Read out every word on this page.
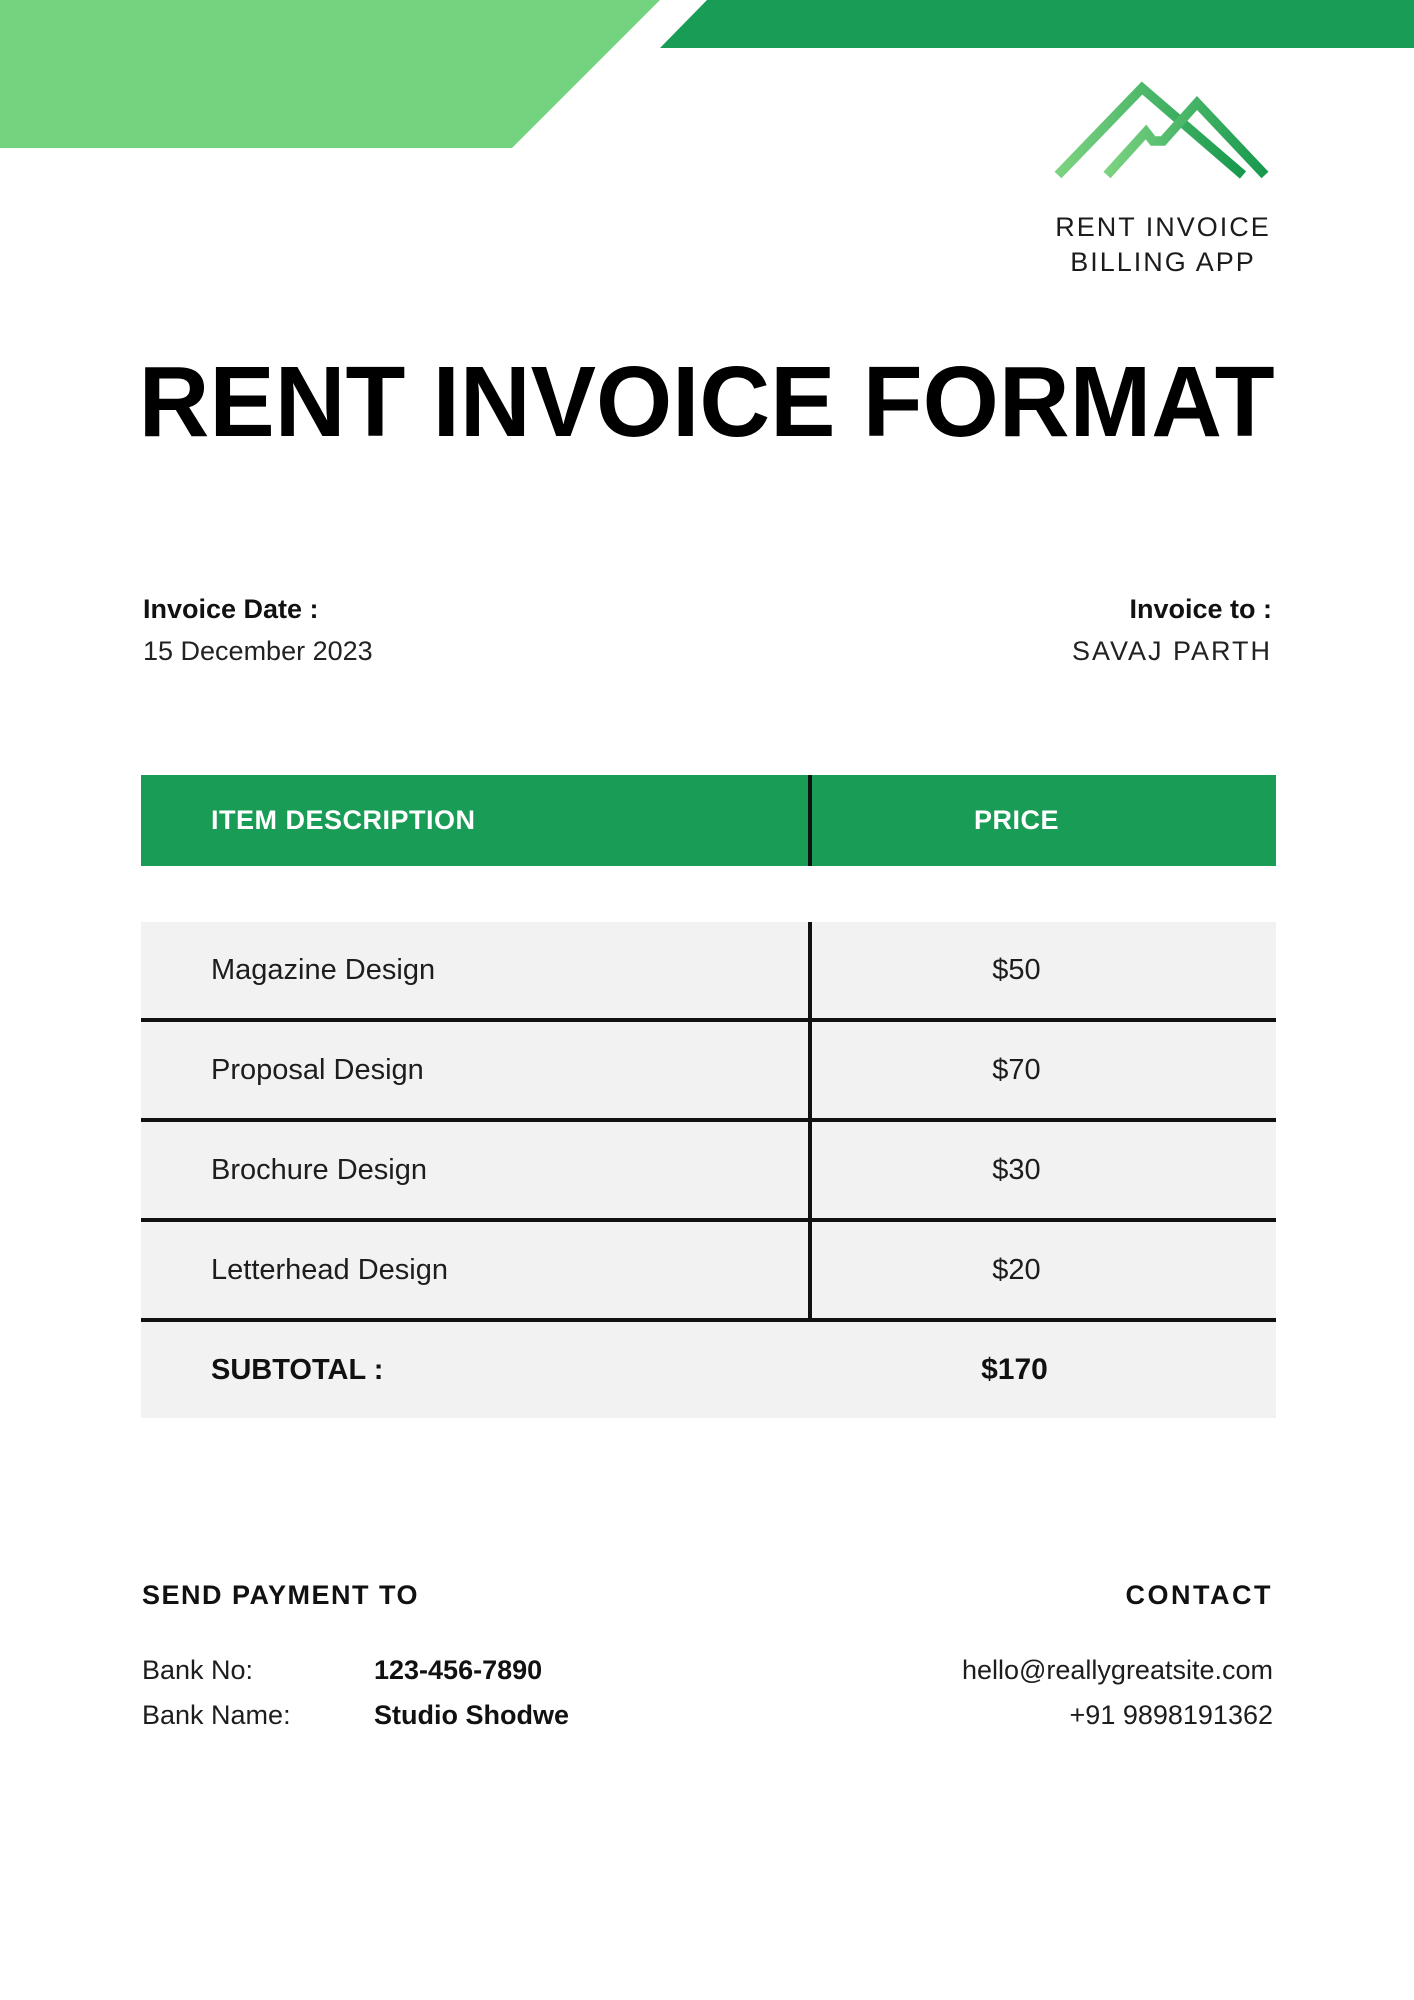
RENT INVOICE
BILLING APP
RENT INVOICE FORMAT
Invoice Date :
15 December 2023
Invoice to :
SAVAJ PARTH
ITEM DESCRIPTION	PRICE
Magazine Design	$50
Proposal Design	$70
Brochure Design	$30
Letterhead Design	$20
SUBTOTAL :	$170
SEND PAYMENT TO
Bank No:	123-456-7890
Bank Name:	Studio Shodwe
CONTACT
hello@reallygreatsite.com
+91 9898191362
